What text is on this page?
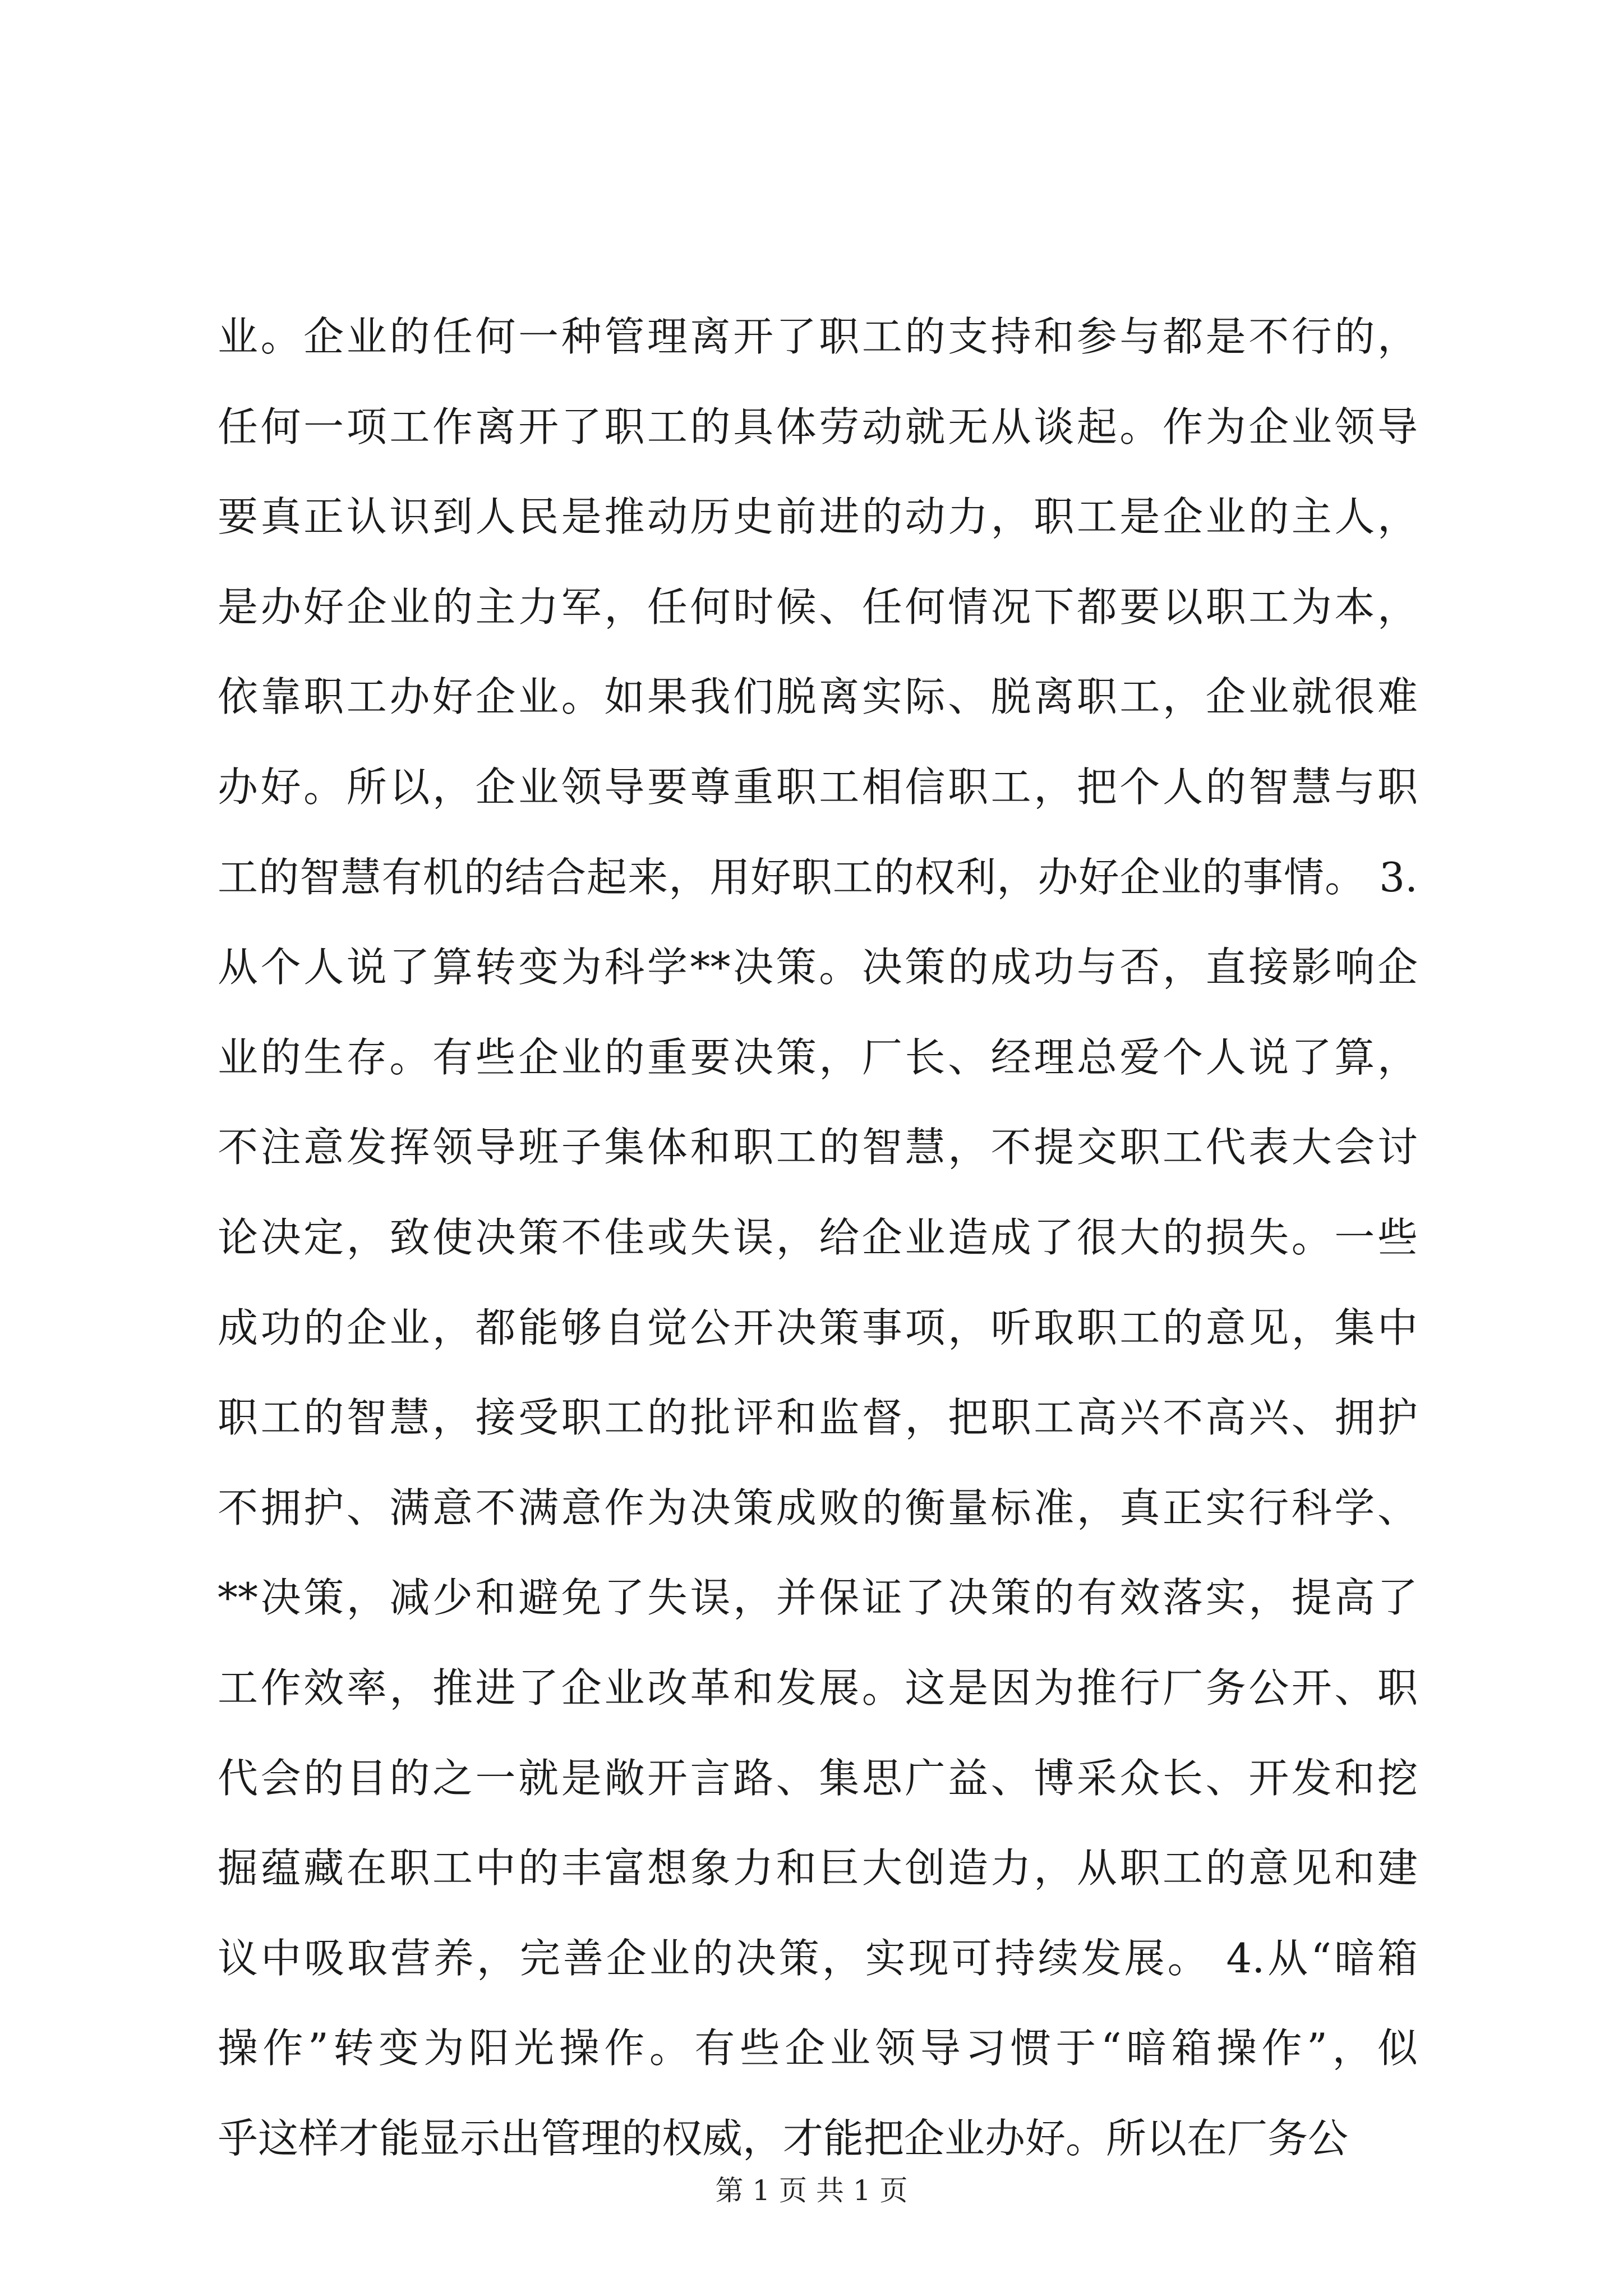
业。企业的任何一种管理离开了职工的支持和参与都是不行的，
任何一项工作离开了职工的具体劳动就无从谈起。作为企业领导
要真正认识到人民是推动历史前进的动力，职工是企业的主人，
是办好企业的主力军，任何时候、任何情况下都要以职工为本，
依靠职工办好企业。如果我们脱离实际、脱离职工，企业就很难
办好。所以，企业领导要尊重职工相信职工，把个人的智慧与职
工的智慧有机的结合起来，用好职工的权利，办好企业的事情。 3.
从个人说了算转变为科学**决策。决策的成功与否，直接影响企
业的生存。有些企业的重要决策，厂长、经理总爱个人说了算，
不注意发挥领导班子集体和职工的智慧，不提交职工代表大会讨
论决定，致使决策不佳或失误，给企业造成了很大的损失。一些
成功的企业，都能够自觉公开决策事项，听取职工的意见，集中
职工的智慧，接受职工的批评和监督，把职工高兴不高兴、拥护
不拥护、满意不满意作为决策成败的衡量标准，真正实行科学、
**决策，减少和避免了失误，并保证了决策的有效落实，提高了
工作效率，推进了企业改革和发展。这是因为推行厂务公开、职
代会的目的之一就是敞开言路、集思广益、博采众长、开发和挖
掘蕴藏在职工中的丰富想象力和巨大创造力，从职工的意见和建
议中吸取营养，完善企业的决策，实现可持续发展。 4.从“暗箱
操作”转变为阳光操作。有些企业领导习惯于“暗箱操作”，似
乎这样才能显示出管理的权威，才能把企业办好。所以在厂务公
第 1 页 共 1 页
